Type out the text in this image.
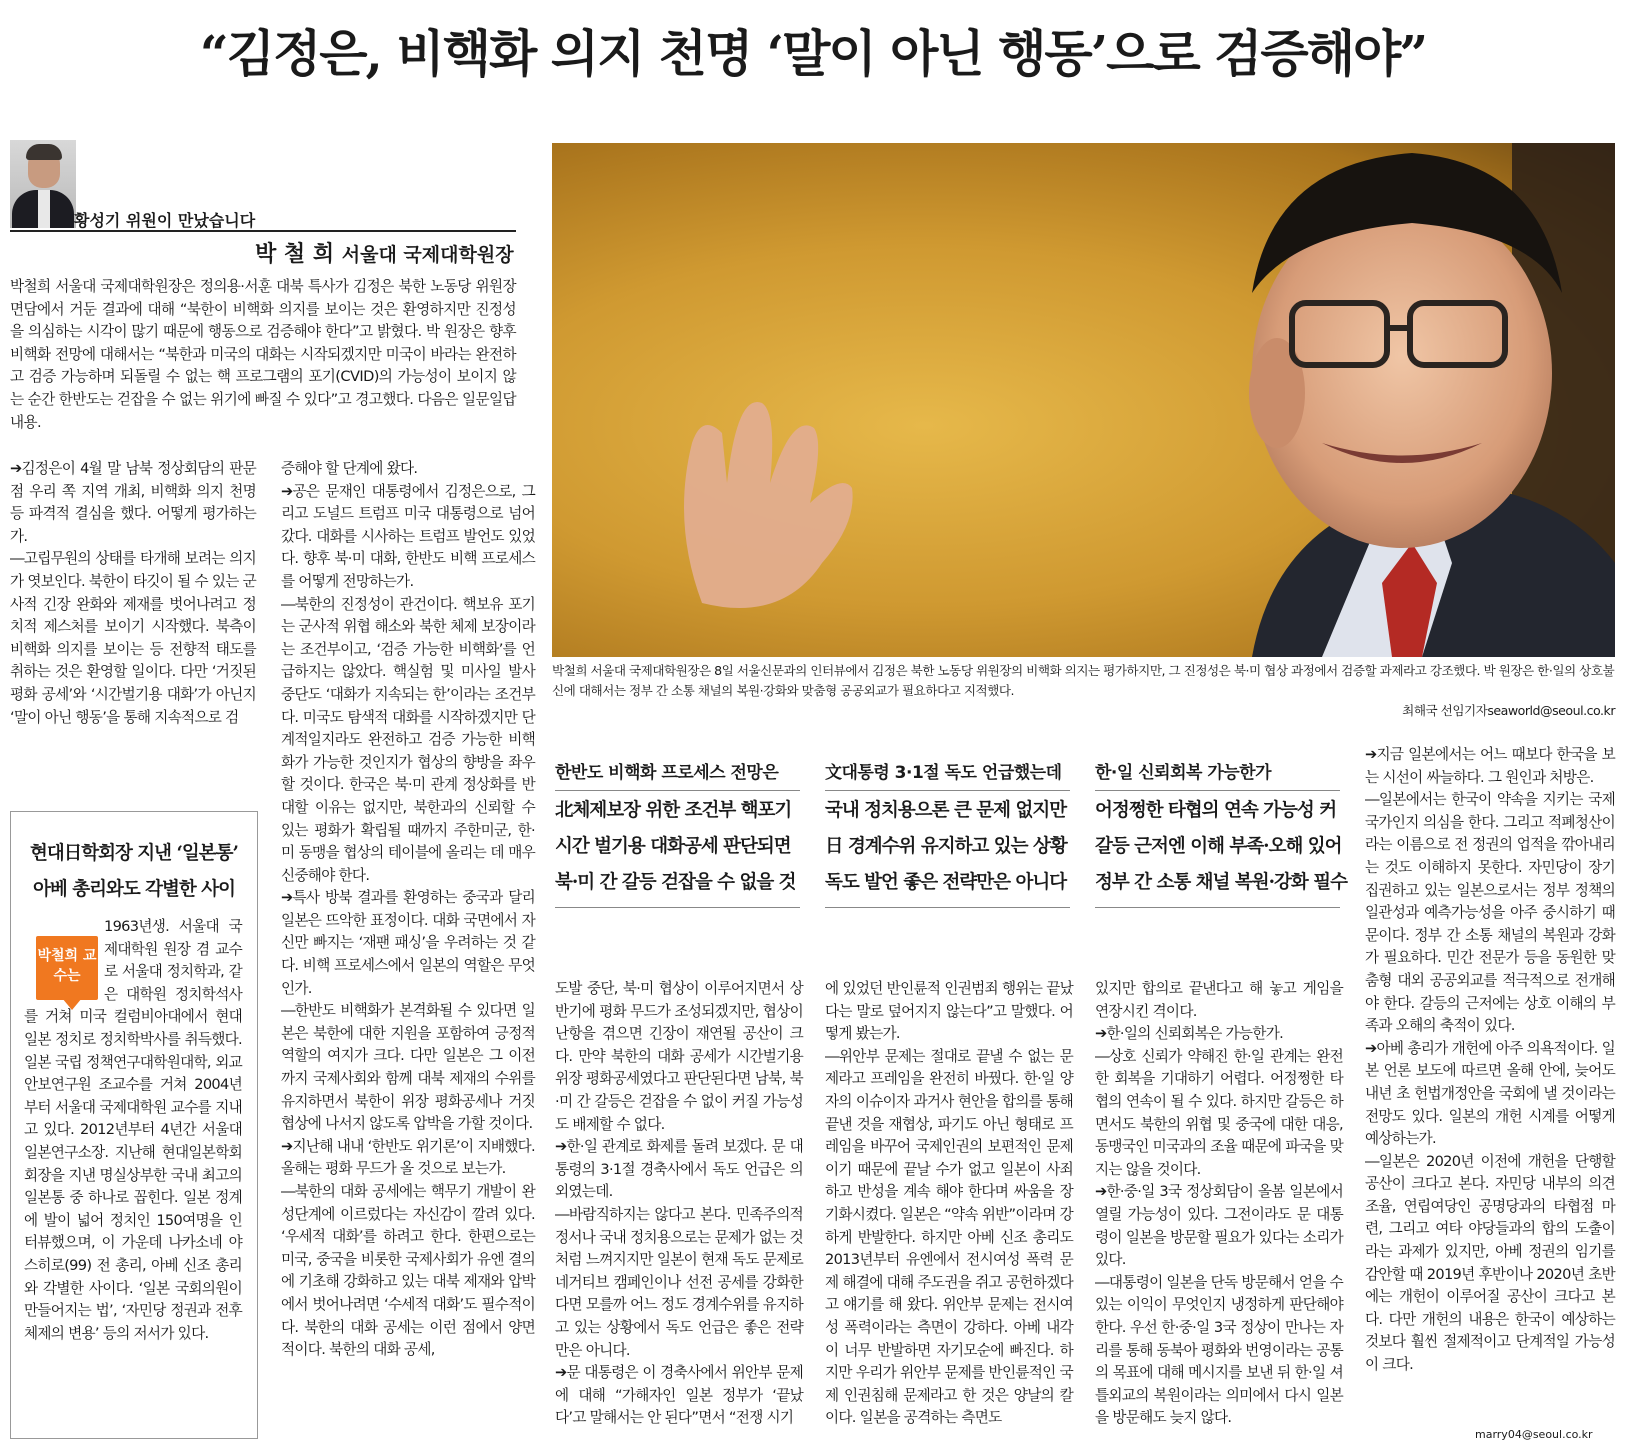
“김정은, 비핵화 의지 천명 ‘말이 아닌 행동’으로 검증해야”
황성기 위원이 만났습니다
박 철 희 서울대 국제대학원장
박철희 서울대 국제대학원장은 정의용·서훈 대북 특사가 김정은 북한 노동당 위원장 면담에서 거둔 결과에 대해 “북한이 비핵화 의지를 보이는 것은 환영하지만 진정성을 의심하는 시각이 많기 때문에 행동으로 검증해야 한다”고 밝혔다. 박 원장은 향후 비핵화 전망에 대해서는 “북한과 미국의 대화는 시작되겠지만 미국이 바라는 완전하고 검증 가능하며 되돌릴 수 없는 핵 프로그램의 포기(CVID)의 가능성이 보이지 않는 순간 한반도는 걷잡을 수 없는 위기에 빠질 수 있다”고 경고했다. 다음은 일문일답 내용.
박철희 서울대 국제대학원장은 8일 서울신문과의 인터뷰에서 김정은 북한 노동당 위원장의 비핵화 의지는 평가하지만, 그 진정성은 북·미 협상 과정에서 검증할 과제라고 강조했다. 박 원장은 한·일의 상호불신에 대해서는 정부 간 소통 채널의 복원·강화와 맞춤형 공공외교가 필요하다고 지적했다.
최해국 선임기자seaworld@seoul.co.kr

➔김정은이 4월 말 남북 정상회담의 판문점 우리 쪽 지역 개최, 비핵화 의지 천명 등 파격적 결심을 했다. 어떻게 평가하는가.

―고립무원의 상태를 타개해 보려는 의지가 엿보인다. 북한이 타깃이 될 수 있는 군사적 긴장 완화와 제재를 벗어나려고 정치적 제스처를 보이기 시작했다. 북측이 비핵화 의지를 보이는 등 전향적 태도를 취하는 것은 환영할 일이다. 다만 ‘거짓된 평화 공세’와 ‘시간벌기용 대화’가 아닌지 ‘말이 아닌 행동’을 통해 지속적으로 검

증해야 할 단계에 왔다.

➔공은 문재인 대통령에서 김정은으로, 그리고 도널드 트럼프 미국 대통령으로 넘어갔다. 대화를 시사하는 트럼프 발언도 있었다. 향후 북·미 대화, 한반도 비핵 프로세스를 어떻게 전망하는가.

―북한의 진정성이 관건이다. 핵보유 포기는 군사적 위협 해소와 북한 체제 보장이라는 조건부이고, ‘검증 가능한 비핵화’를 언급하지는 않았다. 핵실험 및 미사일 발사 중단도 ‘대화가 지속되는 한’이라는 조건부다. 미국도 탐색적 대화를 시작하겠지만 단계적일지라도 완전하고 검증 가능한 비핵화가 가능한 것인지가 협상의 향방을 좌우할 것이다. 한국은 북·미 관계 정상화를 반대할 이유는 없지만, 북한과의 신뢰할 수 있는 평화가 확립될 때까지 주한미군, 한·미 동맹을 협상의 테이블에 올리는 데 매우 신중해야 한다.

➔특사 방북 결과를 환영하는 중국과 달리 일본은 뜨악한 표정이다. 대화 국면에서 자신만 빠지는 ‘재팬 패싱’을 우려하는 것 같다. 비핵 프로세스에서 일본의 역할은 무엇인가.

―한반도 비핵화가 본격화될 수 있다면 일본은 북한에 대한 지원을 포함하여 긍정적 역할의 여지가 크다. 다만 일본은 그 이전까지 국제사회와 함께 대북 제재의 수위를 유지하면서 북한이 위장 평화공세나 거짓 협상에 나서지 않도록 압박을 가할 것이다.

➔지난해 내내 ‘한반도 위기론’이 지배했다. 올해는 평화 무드가 올 것으로 보는가.

―북한의 대화 공세에는 핵무기 개발이 완성단계에 이르렀다는 자신감이 깔려 있다. ‘우세적 대화’를 하려고 한다. 한편으로는 미국, 중국을 비롯한 국제사회가 유엔 결의에 기초해 강화하고 있는 대북 제재와 압박에서 벗어나려면 ‘수세적 대화’도 필수적이다. 북한의 대화 공세는 이런 점에서 양면적이다. 북한의 대화 공세,

한반도 비핵화 프로세스 전망은
北체제보장 위한 조건부 핵포기
시간 벌기용 대화공세 판단되면
북·미 간 갈등 걷잡을 수 없을 것
文대통령 3·1절 독도 언급했는데
국내 정치용으론 큰 문제 없지만
日 경계수위 유지하고 있는 상황
독도 발언 좋은 전략만은 아니다
한·일 신뢰회복 가능한가
어정쩡한 타협의 연속 가능성 커
갈등 근저엔 이해 부족·오해 있어
정부 간 소통 채널 복원·강화 필수

도발 중단, 북·미 협상이 이루어지면서 상반기에 평화 무드가 조성되겠지만, 협상이 난항을 겪으면 긴장이 재연될 공산이 크다. 만약 북한의 대화 공세가 시간벌기용 위장 평화공세였다고 판단된다면 남북, 북·미 간 갈등은 걷잡을 수 없이 커질 가능성도 배제할 수 없다.

➔한·일 관계로 화제를 돌려 보겠다. 문 대통령의 3·1절 경축사에서 독도 언급은 의외였는데.

―바람직하지는 않다고 본다. 민족주의적 정서나 국내 정치용으로는 문제가 없는 것처럼 느껴지지만 일본이 현재 독도 문제로 네거티브 캠페인이나 선전 공세를 강화한다면 모를까 어느 정도 경계수위를 유지하고 있는 상황에서 독도 언급은 좋은 전략만은 아니다.

➔문 대통령은 이 경축사에서 위안부 문제에 대해 “가해자인 일본 정부가 ‘끝났다’고 말해서는 안 된다”면서 “전쟁 시기

에 있었던 반인륜적 인권범죄 행위는 끝났다는 말로 덮어지지 않는다”고 말했다. 어떻게 봤는가.

―위안부 문제는 절대로 끝낼 수 없는 문제라고 프레임을 완전히 바꿨다. 한·일 양자의 이슈이자 과거사 현안을 합의를 통해 끝낸 것을 재협상, 파기도 아닌 형태로 프레임을 바꾸어 국제인권의 보편적인 문제이기 때문에 끝날 수가 없고 일본이 사죄하고 반성을 계속 해야 한다며 싸움을 장기화시켰다. 일본은 “약속 위반”이라며 강하게 반발한다. 하지만 아베 신조 총리도 2013년부터 유엔에서 전시여성 폭력 문제 해결에 대해 주도권을 쥐고 공헌하겠다고 얘기를 해 왔다. 위안부 문제는 전시여성 폭력이라는 측면이 강하다. 아베 내각이 너무 반발하면 자기모순에 빠진다. 하지만 우리가 위안부 문제를 반인륜적인 국제 인권침해 문제라고 한 것은 양날의 칼이다. 일본을 공격하는 측면도

있지만 합의로 끝낸다고 해 놓고 게임을 연장시킨 격이다.

➔한·일의 신뢰회복은 가능한가.

―상호 신뢰가 약해진 한·일 관계는 완전한 회복을 기대하기 어렵다. 어정쩡한 타협의 연속이 될 수 있다. 하지만 갈등은 하면서도 북한의 위협 및 중국에 대한 대응, 동맹국인 미국과의 조율 때문에 파국을 맞지는 않을 것이다.

➔한·중·일 3국 정상회담이 올봄 일본에서 열릴 가능성이 있다. 그전이라도 문 대통령이 일본을 방문할 필요가 있다는 소리가 있다.

―대통령이 일본을 단독 방문해서 얻을 수 있는 이익이 무엇인지 냉정하게 판단해야 한다. 우선 한·중·일 3국 정상이 만나는 자리를 통해 동북아 평화와 번영이라는 공통의 목표에 대해 메시지를 보낸 뒤 한·일 셔틀외교의 복원이라는 의미에서 다시 일본을 방문해도 늦지 않다.

➔지금 일본에서는 어느 때보다 한국을 보는 시선이 싸늘하다. 그 원인과 처방은.

―일본에서는 한국이 약속을 지키는 국제 국가인지 의심을 한다. 그리고 적폐청산이라는 이름으로 전 정권의 업적을 깎아내리는 것도 이해하지 못한다. 자민당이 장기 집권하고 있는 일본으로서는 정부 정책의 일관성과 예측가능성을 아주 중시하기 때문이다. 정부 간 소통 채널의 복원과 강화가 필요하다. 민간 전문가 등을 동원한 맞춤형 대외 공공외교를 적극적으로 전개해야 한다. 갈등의 근저에는 상호 이해의 부족과 오해의 축적이 있다.

➔아베 총리가 개헌에 아주 의욕적이다. 일본 언론 보도에 따르면 올해 안에, 늦어도 내년 초 헌법개정안을 국회에 낼 것이라는 전망도 있다. 일본의 개헌 시계를 어떻게 예상하는가.

―일본은 2020년 이전에 개헌을 단행할 공산이 크다고 본다. 자민당 내부의 의견 조율, 연립여당인 공명당과의 타협점 마련, 그리고 여타 야당들과의 합의 도출이라는 과제가 있지만, 아베 정권의 임기를 감안할 때 2019년 후반이나 2020년 초반에는 개헌이 이루어질 공산이 크다고 본다. 다만 개헌의 내용은 한국이 예상하는 것보다 훨씬 절제적이고 단계적일 가능성이 크다.

marry04@seoul.co.kr
현대日학회장 지낸 ‘일본통’
아베 총리와도 각별한 사이
1963년생. 서울대 국제대학원 원장 겸 교수로 서울대 정치학과, 같은 대학원 정치학석사를 거쳐 미국 컬럼비아대에서 현대 일본 정치로 정치학박사를 취득했다. 일본 국립 정책연구대학원대학, 외교안보연구원 조교수를 거쳐 2004년부터 서울대 국제대학원 교수를 지내고 있다. 2012년부터 4년간 서울대 일본연구소장. 지난해 현대일본학회 회장을 지낸 명실상부한 국내 최고의 일본통 중 하나로 꼽힌다. 일본 정계에 발이 넓어 정치인 150여명을 인터뷰했으며, 이 가운데 나카소네 야스히로(99) 전 총리, 아베 신조 총리와 각별한 사이다. ‘일본 국회의원이 만들어지는 법’, ‘자민당 정권과 전후체제의 변용’ 등의 저서가 있다.
박철희 교수는
